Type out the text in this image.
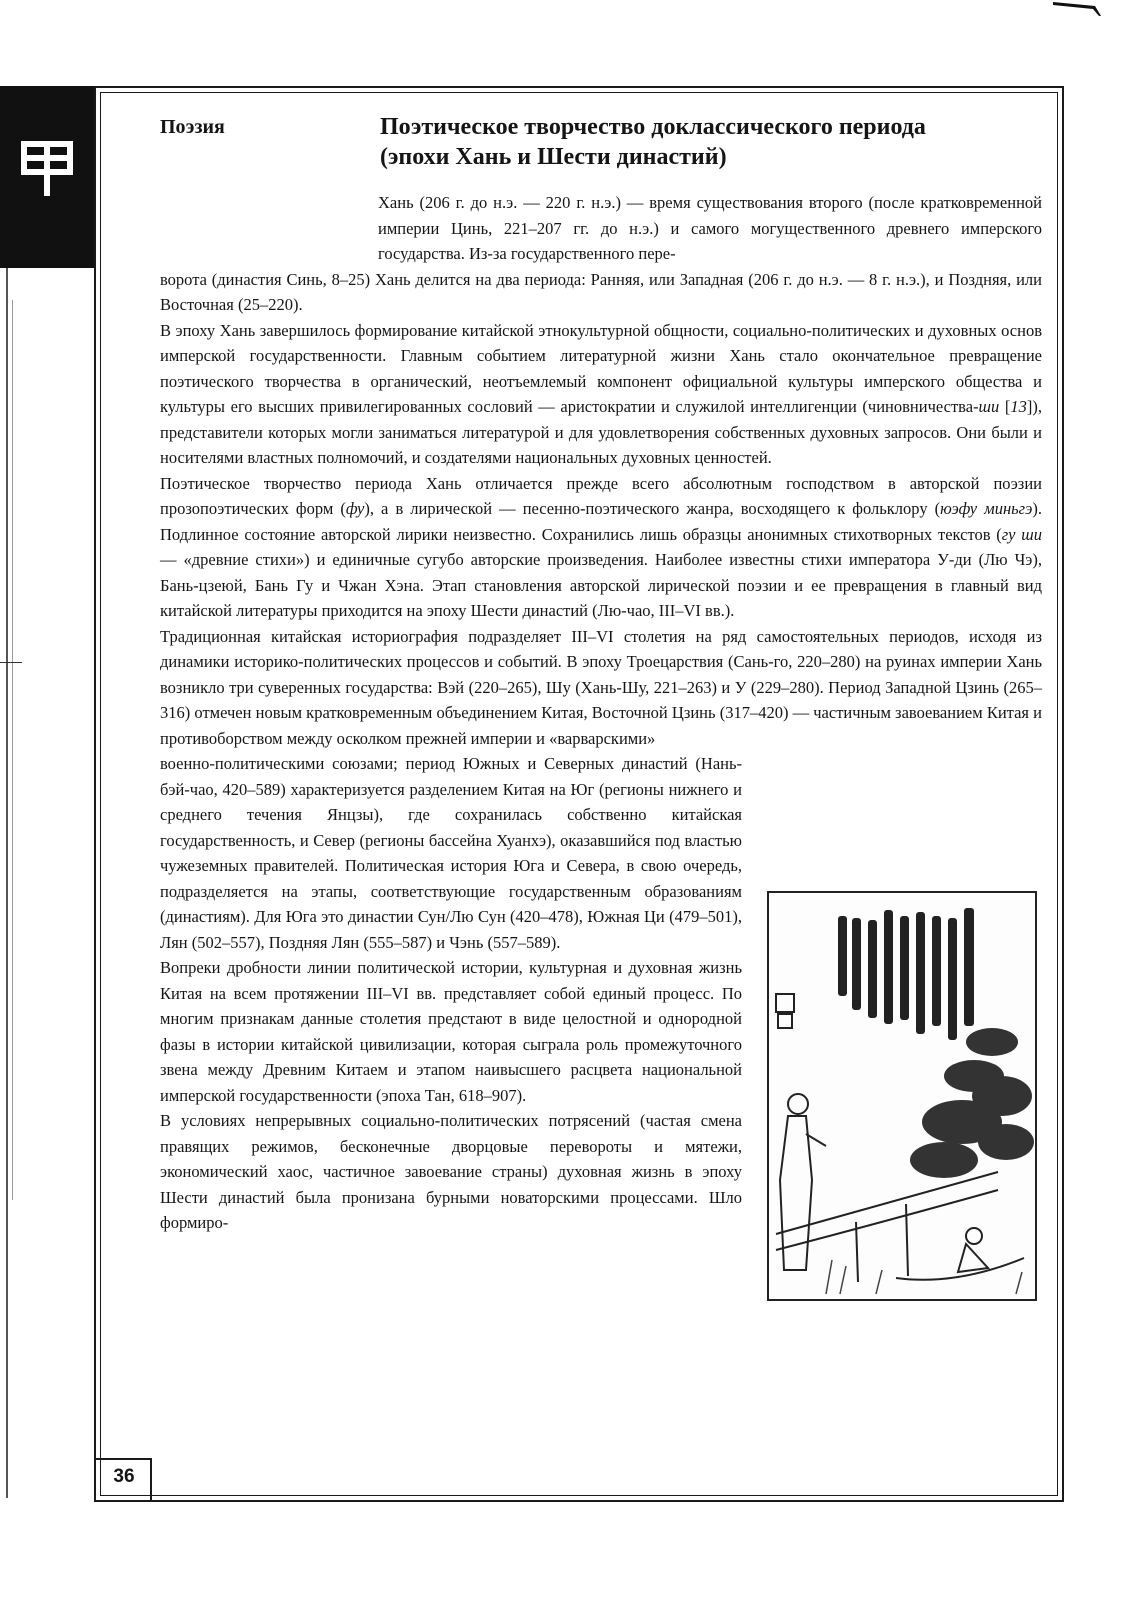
36
Поэзия	Поэтическое творчество доклассического периода
(эпохи Хань и Шести династий)

Хань (206 г. до н.э. — 220 г. н.э.) — время существования второго (после кратковременной империи Цинь, 221–207 гг. до н.э.) и самого могущественного древнего имперского государства. Из-за государственного пере-

ворота (династия Синь, 8–25) Хань делится на два периода: Ранняя, или Западная (206 г. до н.э. — 8 г. н.э.), и Поздняя, или Восточная (25–220).

В эпоху Хань завершилось формирование китайской этнокультурной общности, социально-политических и духовных основ имперской государственности. Главным событием литературной жизни Хань стало окончательное превращение поэтического творчества в органический, неотъемлемый компонент официальной культуры имперского общества и культуры его высших привилегированных сословий — аристократии и служилой интеллигенции (чиновничества-ши [13]), представители которых могли заниматься литературой и для удовлетворения собственных духовных запросов. Они были и носителями властных полномочий, и создателями национальных духовных ценностей.

Поэтическое творчество периода Хань отличается прежде всего абсолютным господством в авторской поэзии прозопоэтических форм (фу), а в лирической — песенно-поэтического жанра, восходящего к фольклору (юэфу миньгэ). Подлинное состояние авторской лирики неизвестно. Сохранились лишь образцы анонимных стихотворных текстов (гу ши — «древние стихи») и единичные сугубо авторские произведения. Наиболее известны стихи императора У-ди (Лю Чэ), Бань-цзеюй, Бань Гу и Чжан Хэна. Этап становления авторской лирической поэзии и ее превращения в главный вид китайской литературы приходится на эпоху Шести династий (Лю-чао, III–VI вв.).

Традиционная китайская историография подразделяет III–VI столетия на ряд самостоятельных периодов, исходя из динамики историко-политических процессов и событий. В эпоху Троецарствия (Сань-го, 220–280) на руинах империи Хань возникло три суверенных государства: Вэй (220–265), Шу (Хань-Шу, 221–263) и У (229–280). Период Западной Цзинь (265–316) отмечен новым кратковременным объединением Китая, Восточной Цзинь (317–420) — частичным завоеванием Китая и противоборством между осколком прежней империи и «варварскими»

военно-политическими союзами; период Южных и Северных династий (Нань-бэй-чао, 420–589) характеризуется разделением Китая на Юг (регионы нижнего и среднего течения Янцзы), где сохранилась собственно китайская государственность, и Север (регионы бассейна Хуанхэ), оказавшийся под властью чужеземных правителей. Политическая история Юга и Севера, в свою очередь, подразделяется на этапы, соответствующие государственным образованиям (династиям). Для Юга это династии Сун/Лю Сун (420–478), Южная Ци (479–501), Лян (502–557), Поздняя Лян (555–587) и Чэнь (557–589).

Вопреки дробности линии политической истории, культурная и духовная жизнь Китая на всем протяжении III–VI вв. представляет собой единый процесс. По многим признакам данные столетия предстают в виде целостной и однородной фазы в истории китайской цивилизации, которая сыграла роль промежуточного звена между Древним Китаем и этапом наивысшего расцвета национальной имперской государственности (эпоха Тан, 618–907).

В условиях непрерывных социально-политических потрясений (частая смена правящих режимов, бесконечные дворцовые перевороты и мятежи, экономический хаос, частичное завоевание страны) духовная жизнь в эпоху Шести династий была пронизана бурными новаторскими процессами. Шло формиро-
